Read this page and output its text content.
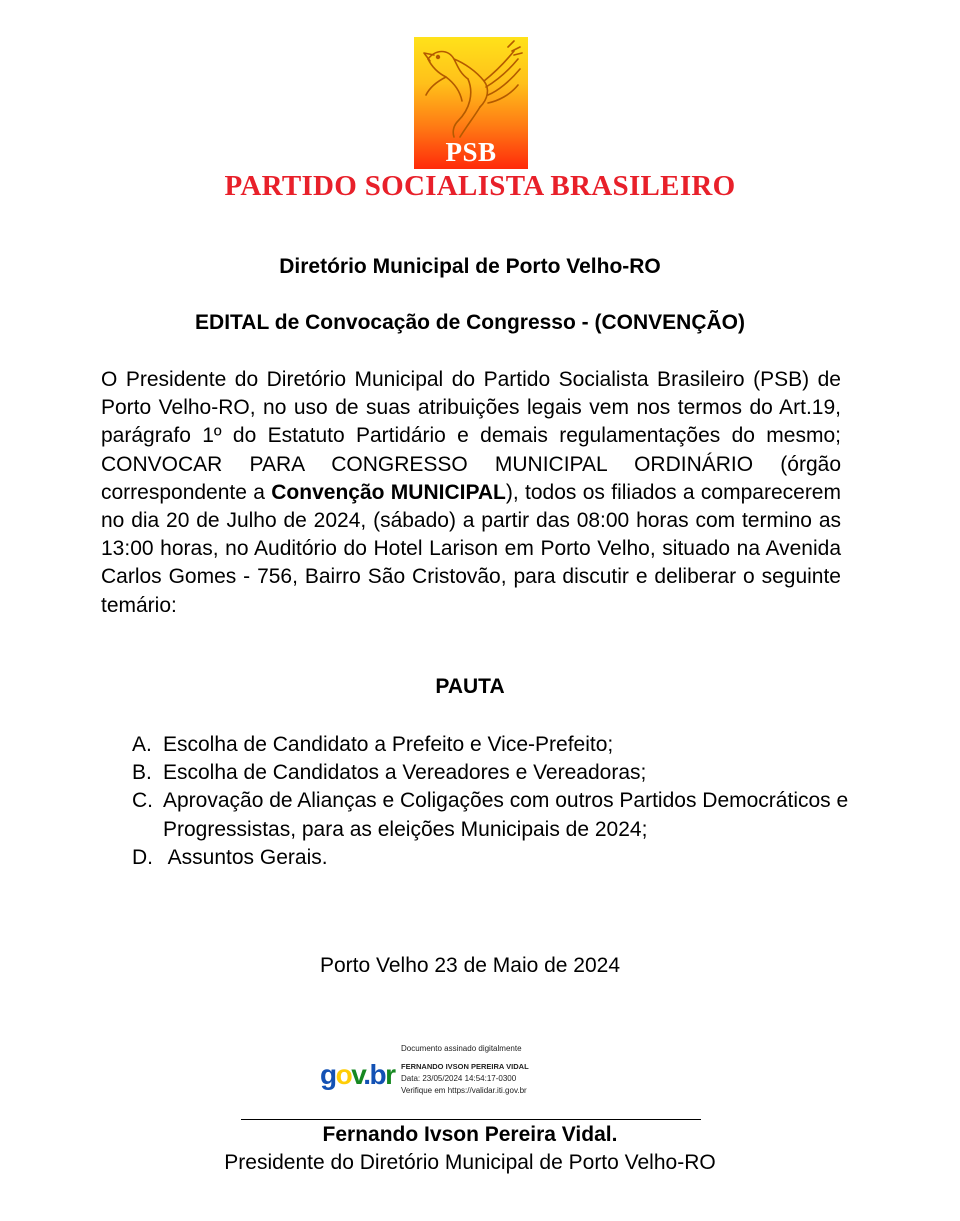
PSB
PARTIDO SOCIALISTA BRASILEIRO
Diretório Municipal de Porto Velho-RO
EDITAL de Convocação de Congresso - (CONVENÇÃO)
O Presidente do Diretório Municipal do Partido Socialista Brasileiro (PSB) de Porto Velho-RO, no uso de suas atribuições legais vem nos termos do Art.19, parágrafo 1º do Estatuto Partidário e demais regulamentações do mesmo; CONVOCAR PARA CONGRESSO MUNICIPAL ORDINÁRIO (órgão correspondente a Convenção MUNICIPAL), todos os filiados a comparecerem no dia 20 de Julho de 2024, (sábado) a partir das 08:00 horas com termino as 13:00 horas, no Auditório do Hotel Larison em Porto Velho, situado na Avenida Carlos Gomes - 756, Bairro São Cristovão, para discutir e deliberar o seguinte temário:
PAUTA
A. Escolha de Candidato a Prefeito e Vice-Prefeito;
B. Escolha de Candidatos a Vereadores e Vereadoras;
C. Aprovação de Alianças e Coligações com outros Partidos Democráticos e Progressistas, para as eleições Municipais de 2024;
D. Assuntos Gerais.
Porto Velho 23 de Maio de 2024
gov.br
Documento assinado digitalmente
FERNANDO IVSON PEREIRA VIDAL
Data: 23/05/2024 14:54:17-0300
Verifique em https://validar.iti.gov.br
Fernando Ivson Pereira Vidal.
Presidente do Diretório Municipal de Porto Velho-RO
